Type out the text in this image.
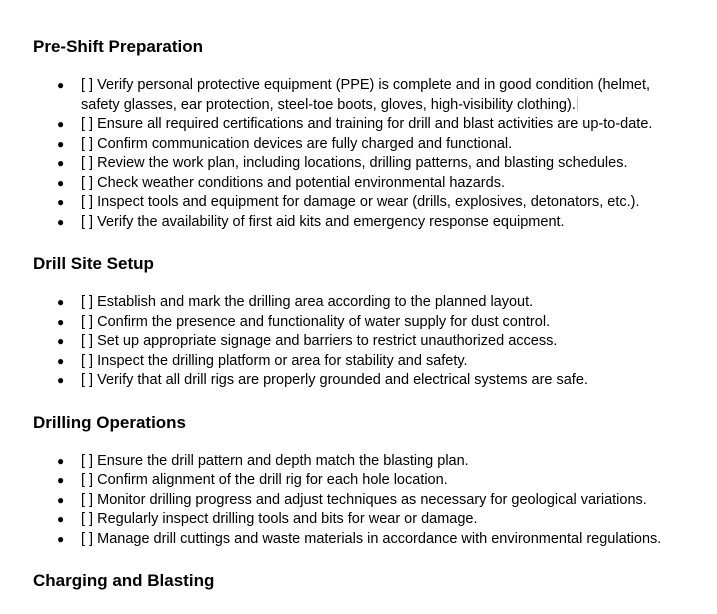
Pre-Shift Preparation
● [ ] Verify personal protective equipment (PPE) is complete and in good condition (helmet, safety glasses, ear protection, steel-toe boots, gloves, high-visibility clothing).
● [ ] Ensure all required certifications and training for drill and blast activities are up-to-date.
● [ ] Confirm communication devices are fully charged and functional.
● [ ] Review the work plan, including locations, drilling patterns, and blasting schedules.
● [ ] Check weather conditions and potential environmental hazards.
● [ ] Inspect tools and equipment for damage or wear (drills, explosives, detonators, etc.).
● [ ] Verify the availability of first aid kits and emergency response equipment.
Drill Site Setup
● [ ] Establish and mark the drilling area according to the planned layout.
● [ ] Confirm the presence and functionality of water supply for dust control.
● [ ] Set up appropriate signage and barriers to restrict unauthorized access.
● [ ] Inspect the drilling platform or area for stability and safety.
● [ ] Verify that all drill rigs are properly grounded and electrical systems are safe.
Drilling Operations
● [ ] Ensure the drill pattern and depth match the blasting plan.
● [ ] Confirm alignment of the drill rig for each hole location.
● [ ] Monitor drilling progress and adjust techniques as necessary for geological variations.
● [ ] Regularly inspect drilling tools and bits for wear or damage.
● [ ] Manage drill cuttings and waste materials in accordance with environmental regulations.
Charging and Blasting
